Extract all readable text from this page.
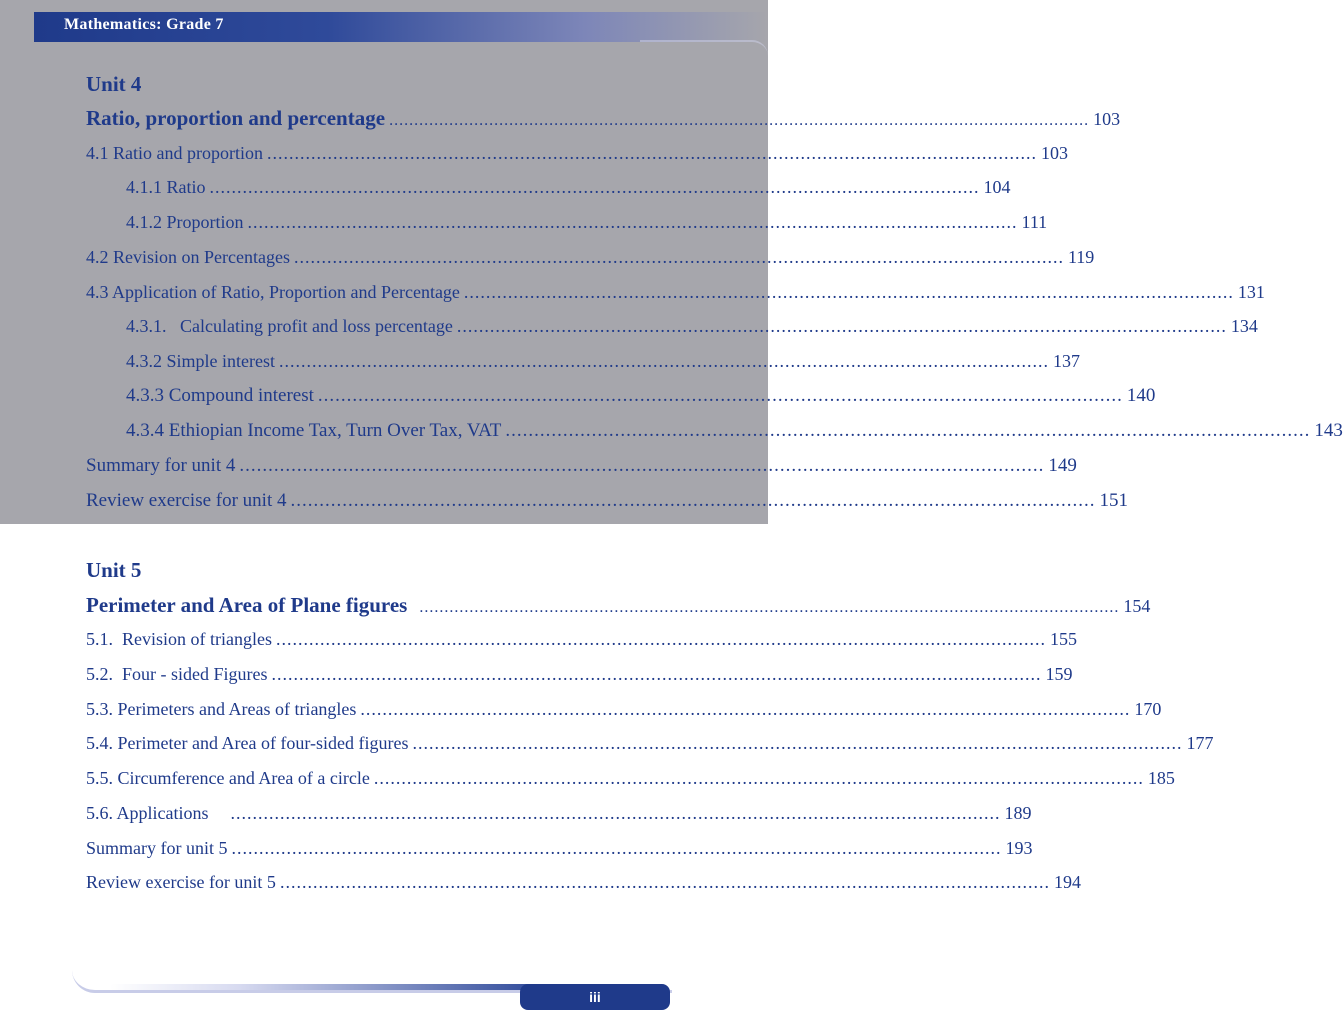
Mathematics: Grade 7
Unit 4
Ratio, proportion and percentage ............................................................................................................................................ 103
4.1 Ratio and proportion ............................................................................................................................................ 103
4.1.1 Ratio ............................................................................................................................................ 104
4.1.2 Proportion ............................................................................................................................................ 111
4.2 Revision on Percentages ............................................................................................................................................ 119
4.3 Application of Ratio, Proportion and Percentage ............................................................................................................................................ 131
4.3.1.   Calculating profit and loss percentage ............................................................................................................................................ 134
4.3.2 Simple interest ............................................................................................................................................ 137
4.3.3 Compound interest ............................................................................................................................................ 140
4.3.4 Ethiopian Income Tax, Turn Over Tax, VAT ............................................................................................................................................ 143
Summary for unit 4 ............................................................................................................................................ 149
Review exercise for unit 4 ............................................................................................................................................ 151
Unit 5
Perimeter and Area of Plane figures ............................................................................................................................................ 154
5.1.  Revision of triangles ............................................................................................................................................ 155
5.2.  Four - sided Figures ............................................................................................................................................ 159
5.3. Perimeters and Areas of triangles ............................................................................................................................................ 170
5.4. Perimeter and Area of four-sided figures ............................................................................................................................................ 177
5.5. Circumference and Area of a circle ............................................................................................................................................ 185
5.6. Applications ............................................................................................................................................ 189
Summary for unit 5 ............................................................................................................................................ 193
Review exercise for unit 5 ............................................................................................................................................ 194
iii
